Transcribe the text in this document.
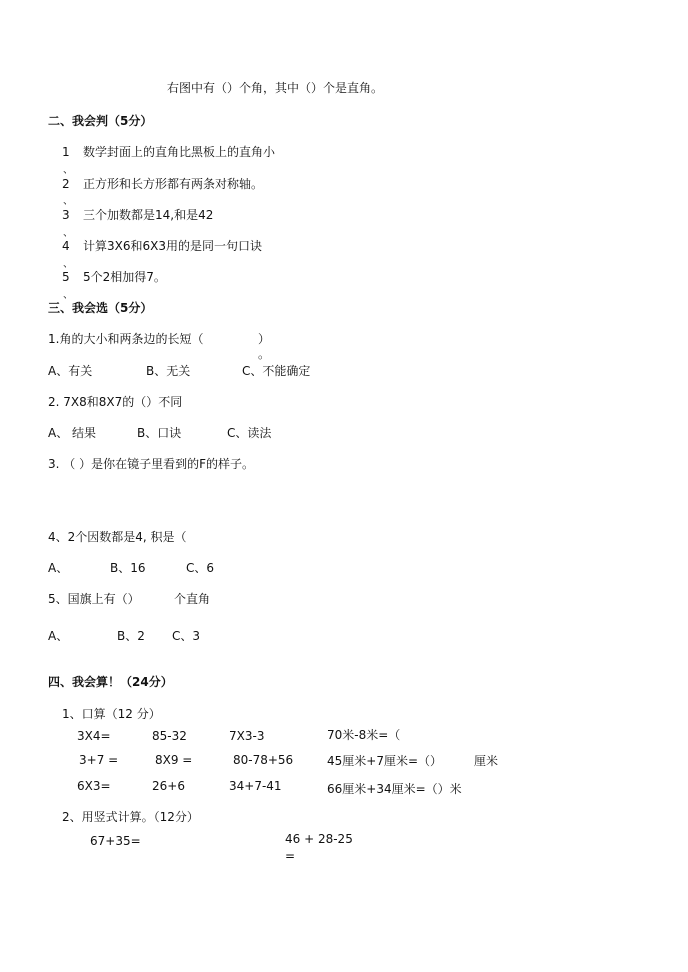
右图中有（）个角，其中（）个是直角。
二、我会判（5分）
1 数学封面上的直角比黑板上的直角小
、
2 正方形和长方形都有两条对称轴。
、
3 三个加数都是14,和是42
、
4 计算3X6和6X3用的是同一句口诀
、
5 5个2相加得7。
、
三、我会选（5分）
1.角的大小和两条边的长短（	）
。
A、有关	B、无关	C、不能确定
2. 7X8和8X7的（）不同
A、 结果	B、口诀	C、读法
3. （ ）是你在镜子里看到的F的样子。
4、2个因数都是4, 积是（
A、	B、16	C、6
5、国旗上有（）	个直角
A、	B、2 C、3
四、我会算！（24分）
1、口算（12 分）
3X4=	85-32	7X3-3	70米-8米=（
3+7 =	8X9 =	80-78+56	45厘米+7厘米=（）	厘米
6X3=	26+6	34+7-41	66厘米+34厘米=（）米
2、用竖式计算。（12分）
67+35=	46 + 28-25
=
